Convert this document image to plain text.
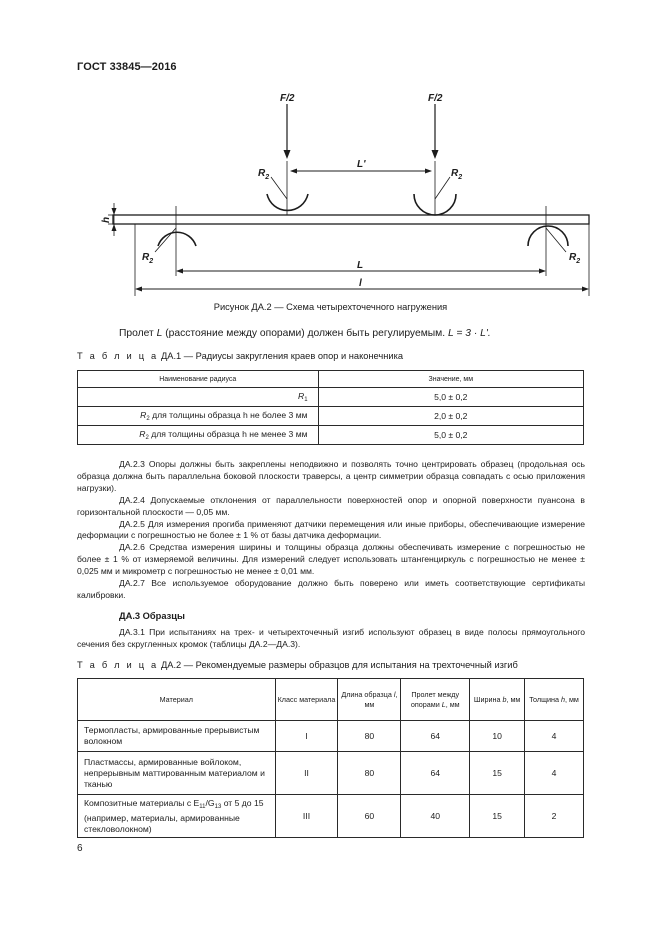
ГОСТ 33845—2016
F/2	F/2
L'
$R_2$	$R_2$
$R_2$	$R_2$
h
L
l
Рисунок ДА.2 — Схема четырехточечного нагружения
Пролет L (расстояние между опорами) должен быть регулируемым. L = 3 · L'.
Т а б л и ц а ДА.1 — Радиусы закругления краев опор и наконечника
Наименование радиуса	Значение, мм
$R_1$	5,0 ± 0,2
$R_2$ для толщины образца h не более 3 мм	2,0 ± 0,2
$R_2$ для толщины образца h не менее 3 мм	5,0 ± 0,2

ДА.2.3 Опоры должны быть закреплены неподвижно и позволять точно центрировать образец (продольная ось образца должна быть параллельна боковой плоскости траверсы, а центр симметрии образца совпадать с осью приложения нагрузки).

ДА.2.4 Допускаемые отклонения от параллельности поверхностей опор и опорной поверхности пуансона в горизонтальной плоскости — 0,05 мм.

ДА.2.5 Для измерения прогиба применяют датчики перемещения или иные приборы, обеспечивающие измерение деформации с погрешностью не более ± 1 % от базы датчика деформации.

ДА.2.6 Средства измерения ширины и толщины образца должны обеспечивать измерение с погрешностью не более ± 1 % от измеряемой величины. Для измерений следует использовать штангенциркуль с погрешностью не менее ± 0,025 мм и микрометр с погрешностью не менее ± 0,01 мм.

ДА.2.7 Все используемое оборудование должно быть поверено или иметь соответствующие сертификаты калибровки.

ДА.3 Образцы

ДА.3.1 При испытаниях на трех- и четырехточечный изгиб используют образец в виде полосы прямоугольного сечения без скругленных кромок (таблицы ДА.2—ДА.3).

Т а б л и ц а ДА.2 — Рекомендуемые размеры образцов для испытания на трехточечный изгиб
Материал	Класс материала	Длина образца l, мм	Пролет между опорами L, мм	Ширина b, мм	Толщина h, мм
Термопласты, армированные прерывистым волокном	I	80	64	10	4
Пластмассы, армированные войлоком, непрерывным маттированным материалом и тканью	II	80	64	15	4
Композитные материалы с $E_{11}/G_{13}$ от 5 до 15 (например, материалы, армированные стекловолокном)	III	60	40	15	2
6
